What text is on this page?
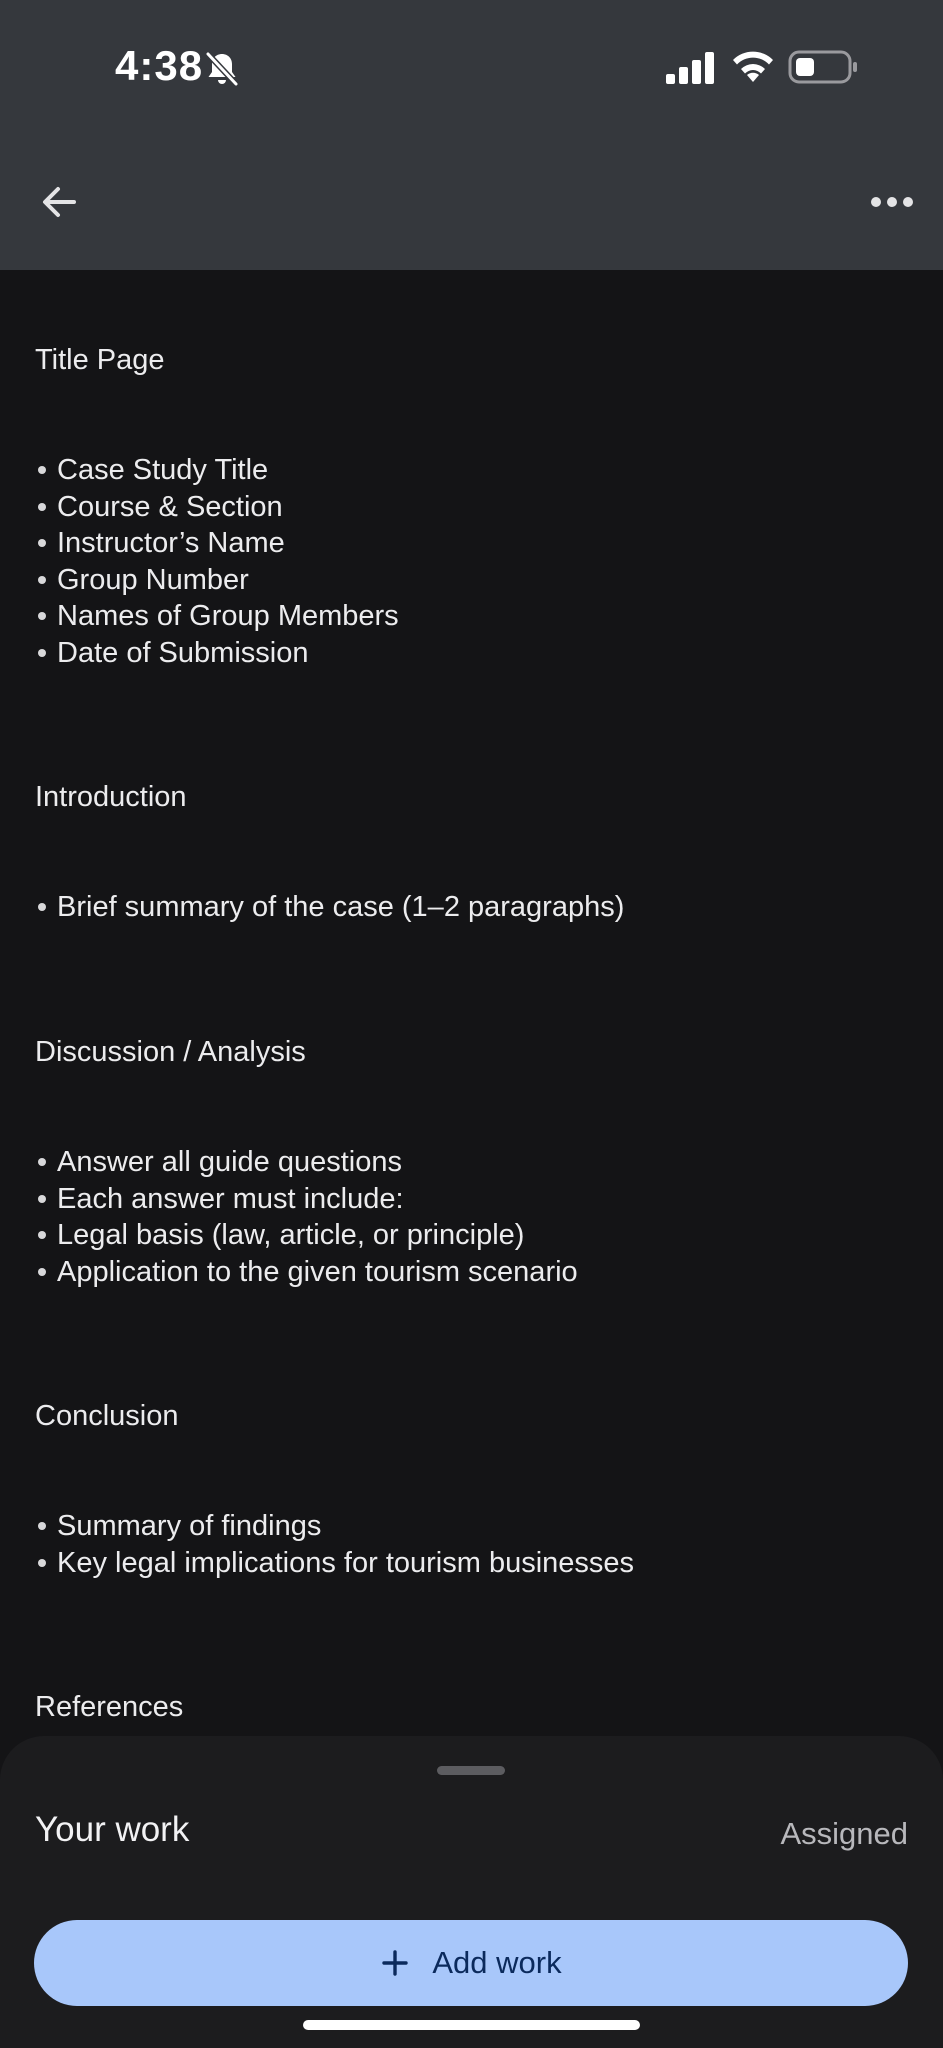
4:38
Title Page
Case Study Title
Course & Section
Instructor’s Name
Group Number
Names of Group Members
Date of Submission
Introduction
Brief summary of the case (1–2 paragraphs)
Discussion / Analysis
Answer all guide questions
Each answer must include:
Legal basis (law, article, or principle)
Application to the given tourism scenario
Conclusion
Summary of findings
Key legal implications for tourism businesses
References
Your work	Assigned
Add work
